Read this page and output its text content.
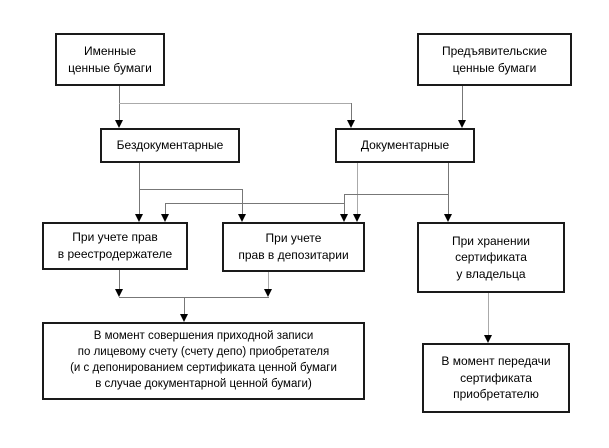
Именные
ценные бумаги
Предъявительские
ценные бумаги
Бездокументарные	Документарные
При учете прав
в реестродержателе
При учете
прав в депозитарии
При хранении
сертификата
у владельца
В момент совершения приходной записи
по лицевому счету (счету депо) приобретателя
(и с депонированием сертификата ценной бумаги
в случае документарной ценной бумаги)
В момент передачи
сертификата
приобретателю
